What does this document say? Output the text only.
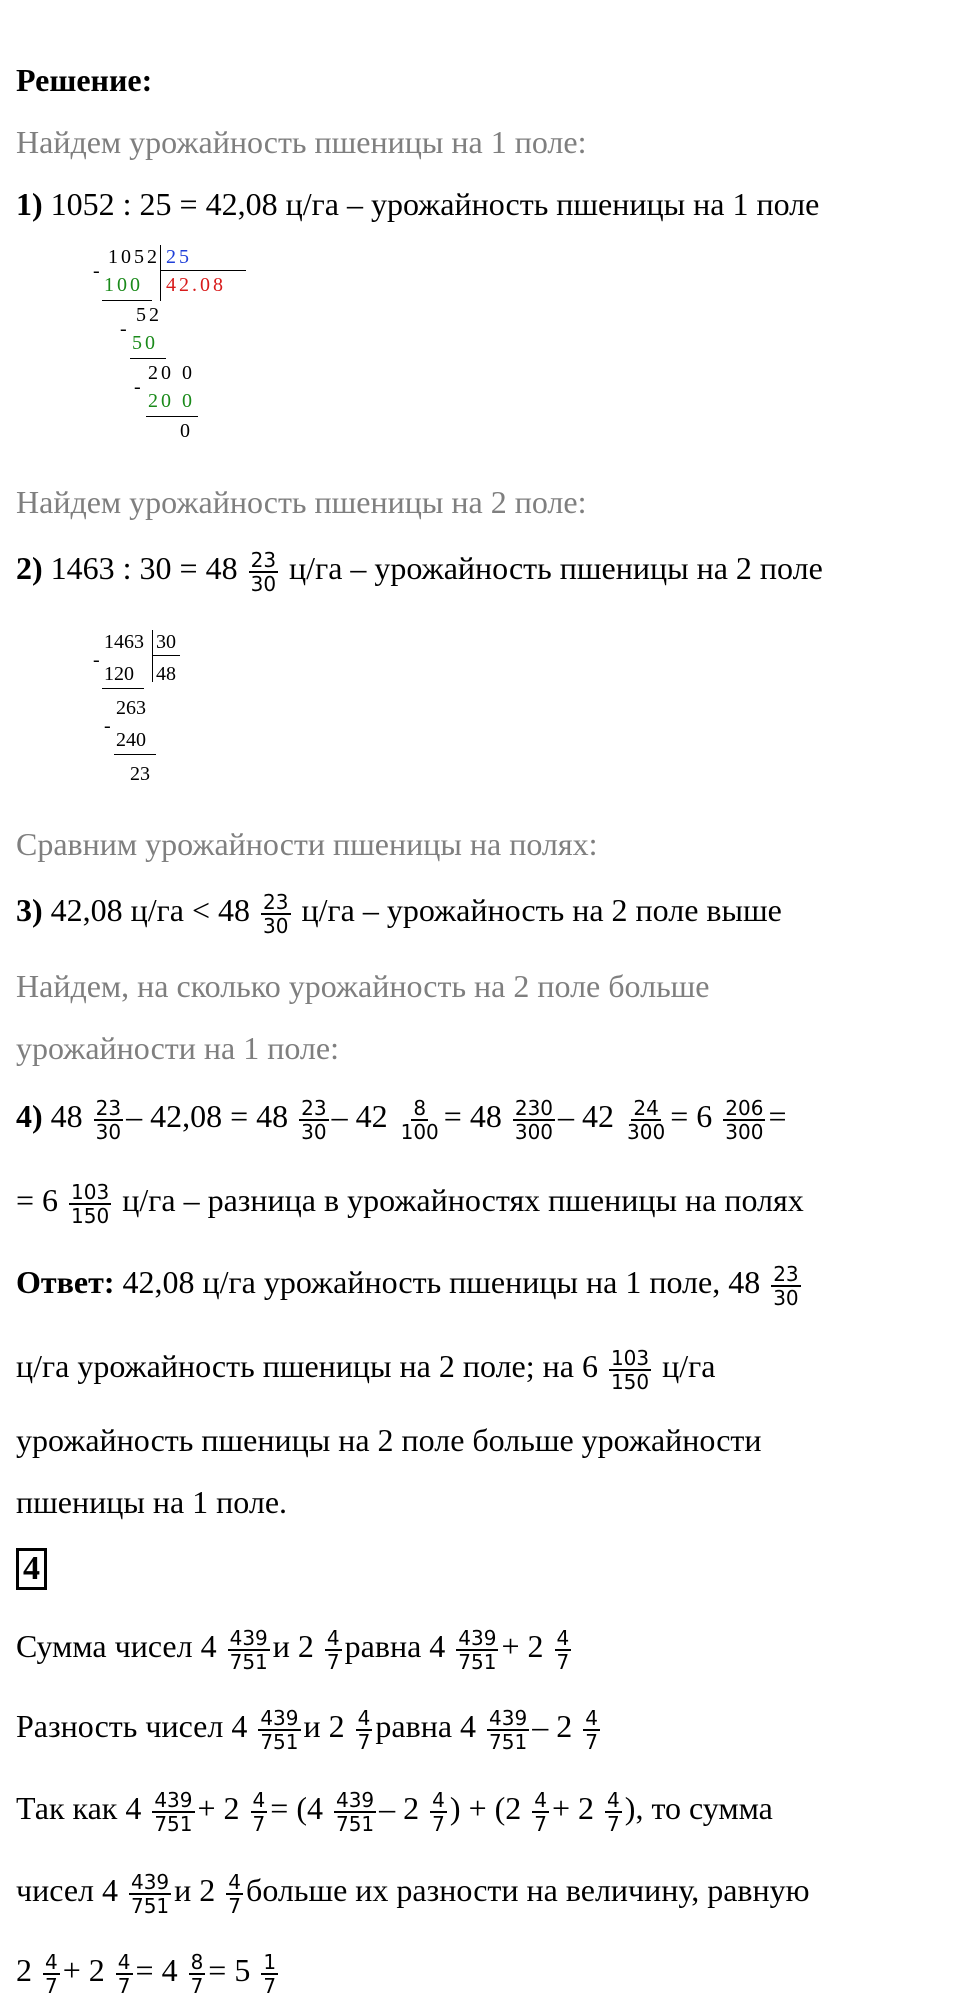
Решение:
Найдем урожайность пшеницы на 1 поле:
1) 1052 : 25 = 42,08 ц/га – урожайность пшеницы на 1 поле
1052 25
-
100 42.08
52
-
50
20 0
-
20 0
0
Найдем урожайность пшеницы на 2 поле:
2) 1463 : $30 = 48 \frac{23}{30} ц/га$ – урожайность пшеницы на 2 поле
1463 30
-
120 48
263
-
240
23
Сравним урожайности пшеницы на полях:
3) 42,08 $ц/га < 48 \frac{23}{30} ц/га$ – урожайность на 2 поле выше
Найдем, на сколько урожайность на 2 поле больше
урожайности на 1 поле:
4) $48 \frac{23}{30} - 42,08 = 48 \frac{23}{30} - 42 \frac{8}{100} = 48 \frac{230}{300} - 42 \frac{24}{300} = 6 \frac{206}{300}$ =
= $6 \frac{103}{150} ц/га$ – разница в урожайностях пшеницы на полях
Ответ: 42,08 ц/га урожайность пшеницы на 1 поле, $48 \frac{23}{30}$
ц/га урожайность пшеницы на 2 поле; на $6 \frac{103}{150} ц/га$
урожайность пшеницы на 2 поле больше урожайности
пшеницы на 1 поле.
4
Сумма чисел $4 \frac{439}{751}$ и $2 \frac{4}{7}$ равна $4 \frac{439}{751} + 2 \frac{4}{7}$
Разность чисел $4 \frac{439}{751}$ и $2 \frac{4}{7}$ равна $4 \frac{439}{751} - 2 \frac{4}{7}$
Так как $4 \frac{439}{751} + 2 \frac{4}{7} = (4 \frac{439}{751} - 2 \frac{4}{7}$ ) + ($2 \frac{4}{7} + 2 \frac{4}{7}$ ), то сумма
чисел $4 \frac{439}{751}$ и $2 \frac{4}{7}$ больше их разности на величину, равную
$2 \frac{4}{7} + 2 \frac{4}{7} = 4 \frac{8}{7} = 5 \frac{1}{7}$
